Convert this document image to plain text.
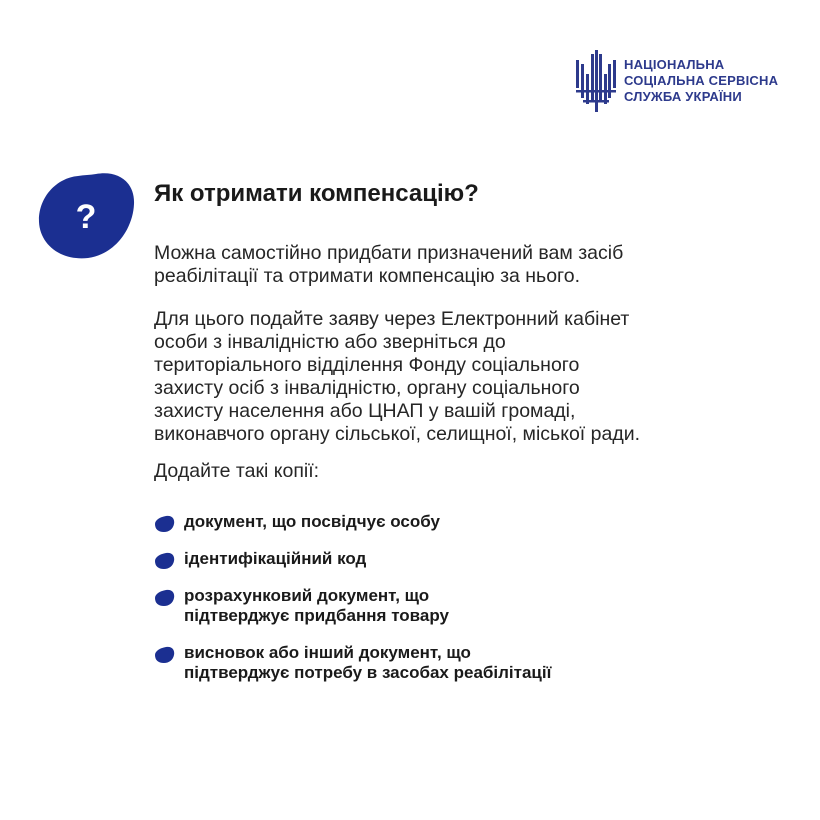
НАЦІОНАЛЬНА
СОЦІАЛЬНА СЕРВІСНА
СЛУЖБА УКРАЇНИ
?
Як отримати компенсацію?

Можна самостійно придбати призначений вам засіб
реабілітації та отримати компенсацію за нього.

Для цього подайте заяву через Електронний кабінет
особи з інвалідністю або зверніться до
територіального відділення Фонду соціального
захисту осіб з інвалідністю, органу соціального
захисту населення або ЦНАП у вашій громаді,
виконавчого органу сільської, селищної, міської ради.

Додайте такі копії:

документ, що посвідчує особу
ідентифікаційний код
розрахунковий документ, що
підтверджує придбання товару
висновок або інший документ, що
підтверджує потребу в засобах реабілітації
